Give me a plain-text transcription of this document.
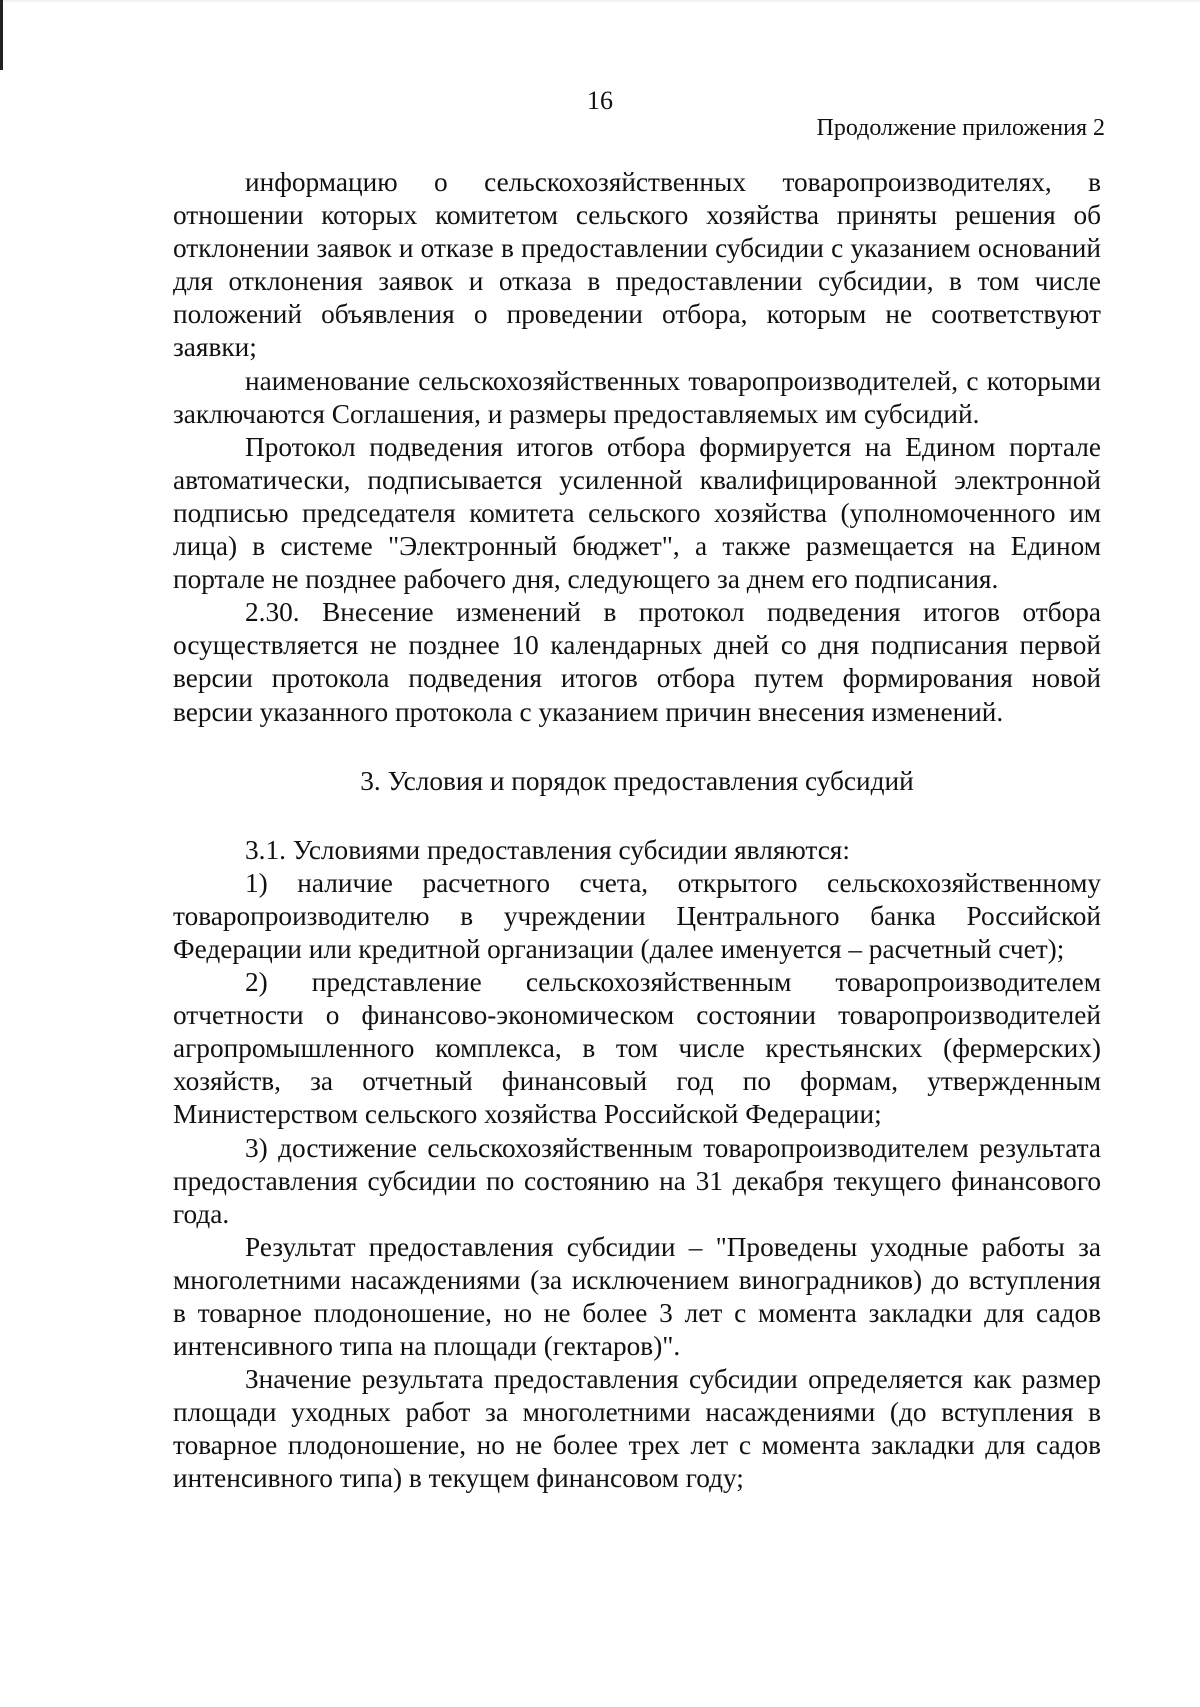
16
Продолжение приложения 2

информацию о сельскохозяйственных товаропроизводителях, в отношении которых комитетом сельского хозяйства приняты решения об отклонении заявок и отказе в предоставлении субсидии с указанием оснований для отклонения заявок и отказа в предоставлении субсидии, в том числе положений объявления о проведении отбора, которым не соответствуют заявки;

наименование сельскохозяйственных товаропроизводителей, с которыми заключаются Соглашения, и размеры предоставляемых им субсидий.

Протокол подведения итогов отбора формируется на Едином портале автоматически, подписывается усиленной квалифицированной электронной подписью председателя комитета сельского хозяйства (уполномоченного им лица) в системе "Электронный бюджет", а также размещается на Едином портале не позднее рабочего дня, следующего за днем его подписания.

2.30. Внесение изменений в протокол подведения итогов отбора осуществляется не позднее 10 календарных дней со дня подписания первой версии протокола подведения итогов отбора путем формирования новой версии указанного протокола с указанием причин внесения изменений.

3. Условия и порядок предоставления субсидий

3.1. Условиями предоставления субсидии являются:

1) наличие расчетного счета, открытого сельскохозяйственному товаропроизводителю в учреждении Центрального банка Российской Федерации или кредитной организации (далее именуется – расчетный счет);

2) представление сельскохозяйственным товаропроизводителем отчетности о финансово-экономическом состоянии товаропроизводителей агропромышленного комплекса, в том числе крестьянских (фермерских) хозяйств, за отчетный финансовый год по формам, утвержденным Министерством сельского хозяйства Российской Федерации;

3) достижение сельскохозяйственным товаропроизводителем результата предоставления субсидии по состоянию на 31 декабря текущего финансового года.

Результат предоставления субсидии – "Проведены уходные работы за многолетними насаждениями (за исключением виноградников) до вступления в товарное плодоношение, но не более 3 лет с момента закладки для садов интенсивного типа на площади (гектаров)".

Значение результата предоставления субсидии определяется как размер площади уходных работ за многолетними насаждениями (до вступления в товарное плодоношение, но не более трех лет с момента закладки для садов интенсивного типа) в текущем финансовом году;
